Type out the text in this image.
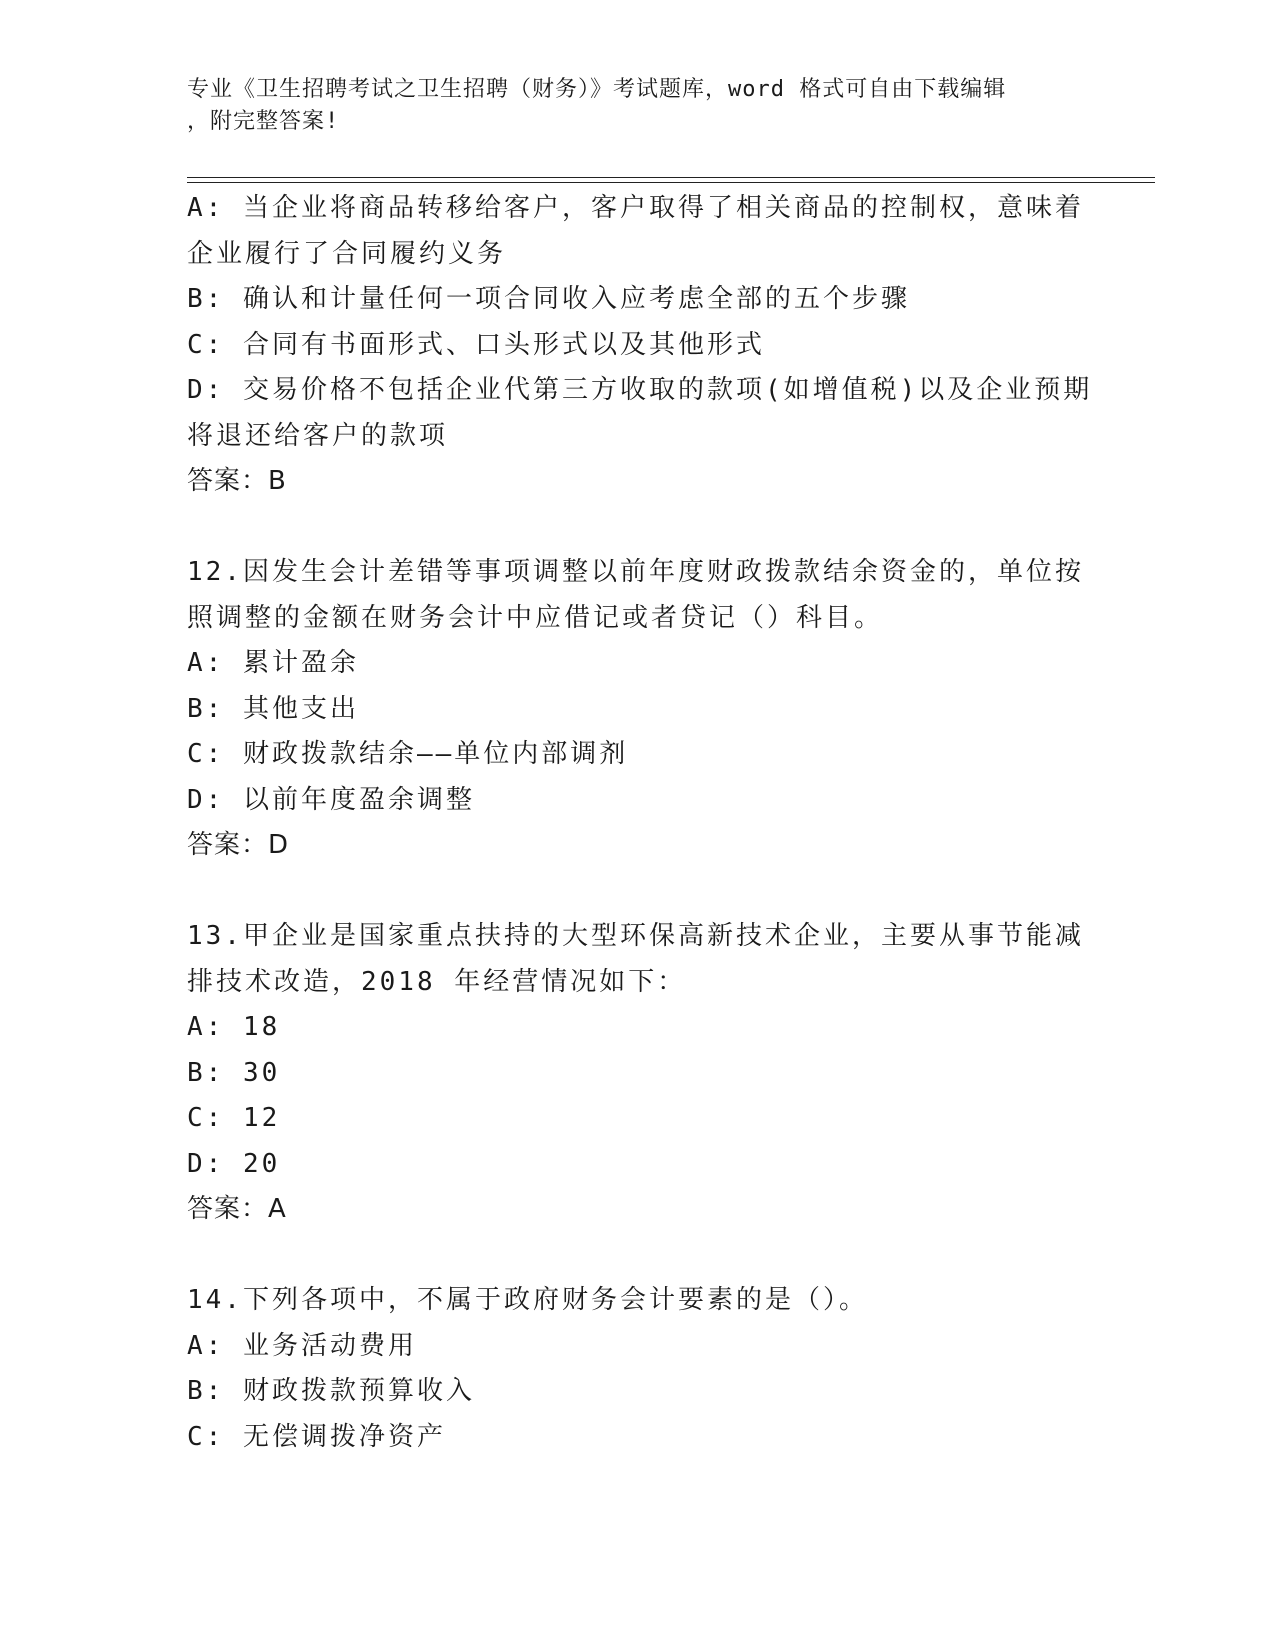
专业《卫生招聘考试之卫生招聘（财务）》考试题库，word 格式可自由下载编辑
，附完整答案!
A: 当企业将商品转移给客户，客户取得了相关商品的控制权，意味着
企业履行了合同履约义务
B: 确认和计量任何一项合同收入应考虑全部的五个步骤
C: 合同有书面形式、口头形式以及其他形式
D: 交易价格不包括企业代第三方收取的款项(如增值税)以及企业预期
将退还给客户的款项
答案：B
12.因发生会计差错等事项调整以前年度财政拨款结余资金的，单位按
照调整的金额在财务会计中应借记或者贷记（）科目。
A: 累计盈余
B: 其他支出
C: 财政拨款结余——单位内部调剂
D: 以前年度盈余调整
答案：D
13.甲企业是国家重点扶持的大型环保高新技术企业，主要从事节能减
排技术改造，2018 年经营情况如下：
A: 18
B: 30
C: 12
D: 20
答案：A
14.下列各项中，不属于政府财务会计要素的是（）。
A: 业务活动费用
B: 财政拨款预算收入
C: 无偿调拨净资产
